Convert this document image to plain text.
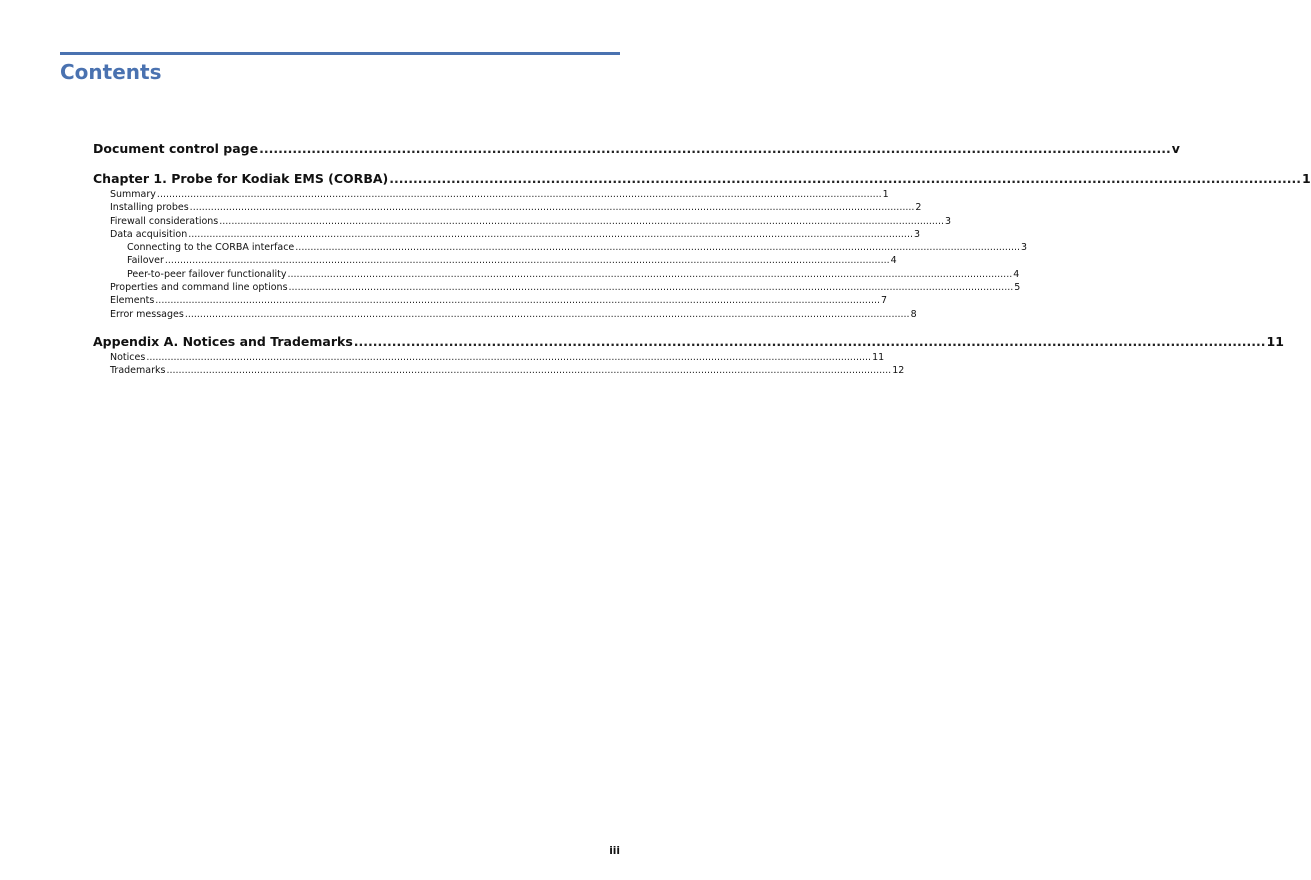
Contents
Document control page ................................................................................................................................................................................................ v
Chapter 1. Probe for Kodiak EMS (CORBA) ................................................................................................................................................................................................ 1
Summary ................................................................................................................................................................................................................................................ 1
Installing probes ................................................................................................................................................................................................................................................ 2
Firewall considerations ................................................................................................................................................................................................................................................ 3
Data acquisition ................................................................................................................................................................................................................................................ 3
Connecting to the CORBA interface ................................................................................................................................................................................................................................................ 3
Failover ................................................................................................................................................................................................................................................ 4
Peer-to-peer failover functionality ................................................................................................................................................................................................................................................ 4
Properties and command line options ................................................................................................................................................................................................................................................ 5
Elements ................................................................................................................................................................................................................................................ 7
Error messages ................................................................................................................................................................................................................................................ 8
Appendix A. Notices and Trademarks ................................................................................................................................................................................................ 11
Notices ................................................................................................................................................................................................................................................ 11
Trademarks ................................................................................................................................................................................................................................................ 12
iii
